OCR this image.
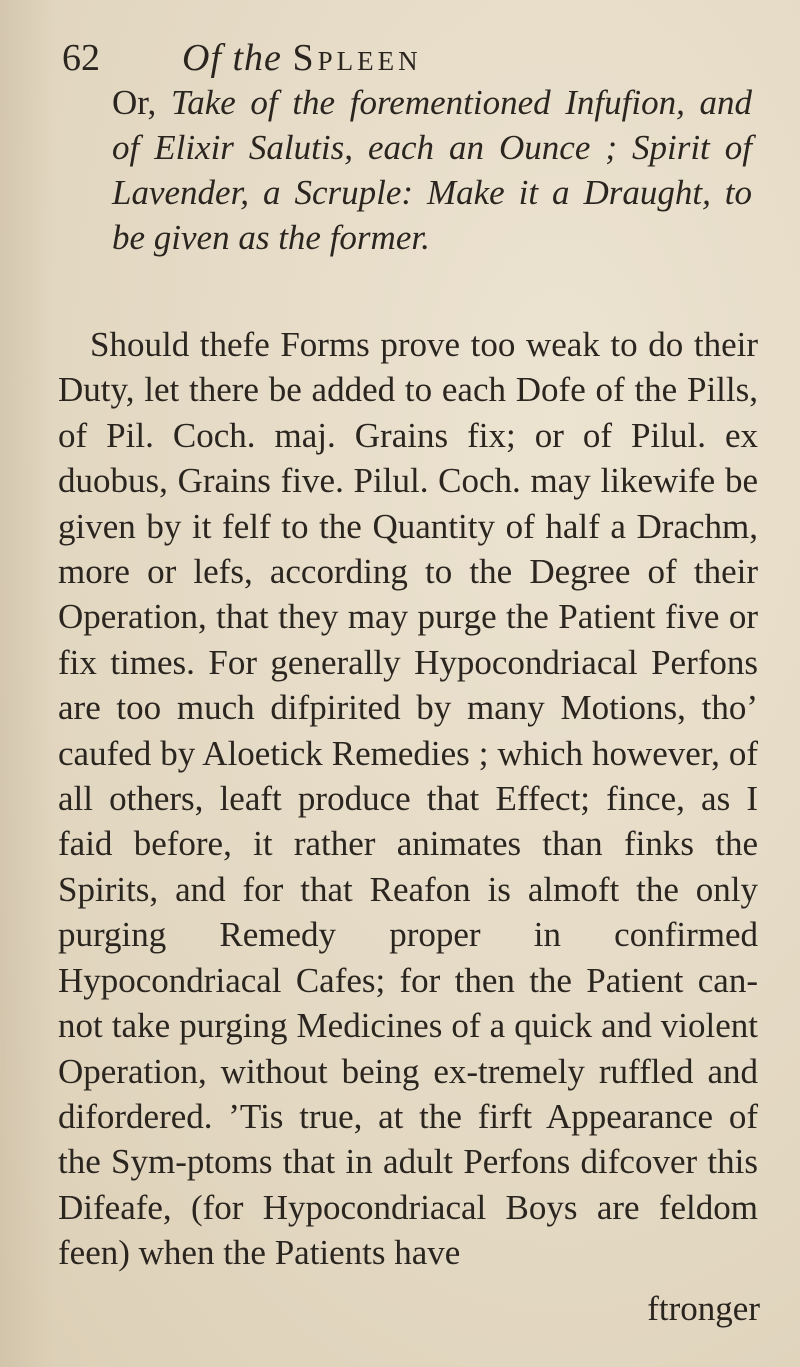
62 Of the Spleen

Or, Take of the forementioned Infufion, and of Elixir Salutis, each an Ounce ; Spirit of Lavender, a Scruple: Make it a Draught, to be given as the former.

Should thefe Forms prove too weak to do their Duty, let there be added to each Dofe of the Pills, of Pil. Coch. maj. Grains fix; or of Pilul. ex duobus, Grains five. Pilul. Coch. may likewife be given by it felf to the Quantity of half a Drachm, more or lefs, according to the Degree of their Operation, that they may purge the Patient five or fix times. For generally Hypocondriacal Perfons are too much difpirited by many Motions, tho’ caufed by Aloetick Remedies ; which however, of all others, leaft produce that Effect; fince, as I faid before, it rather animates than finks the Spirits, and for that Reafon is almoft the only purging Remedy proper in confirmed Hypocondriacal Cafes; for then the Patient can-not take purging Medicines of a quick and violent Operation, without being ex-tremely ruffled and difordered. ’Tis true, at the firft Appearance of the Sym-ptoms that in adult Perfons difcover this Difeafe, (for Hypocondriacal Boys are feldom feen) when the Patients have

ftronger
